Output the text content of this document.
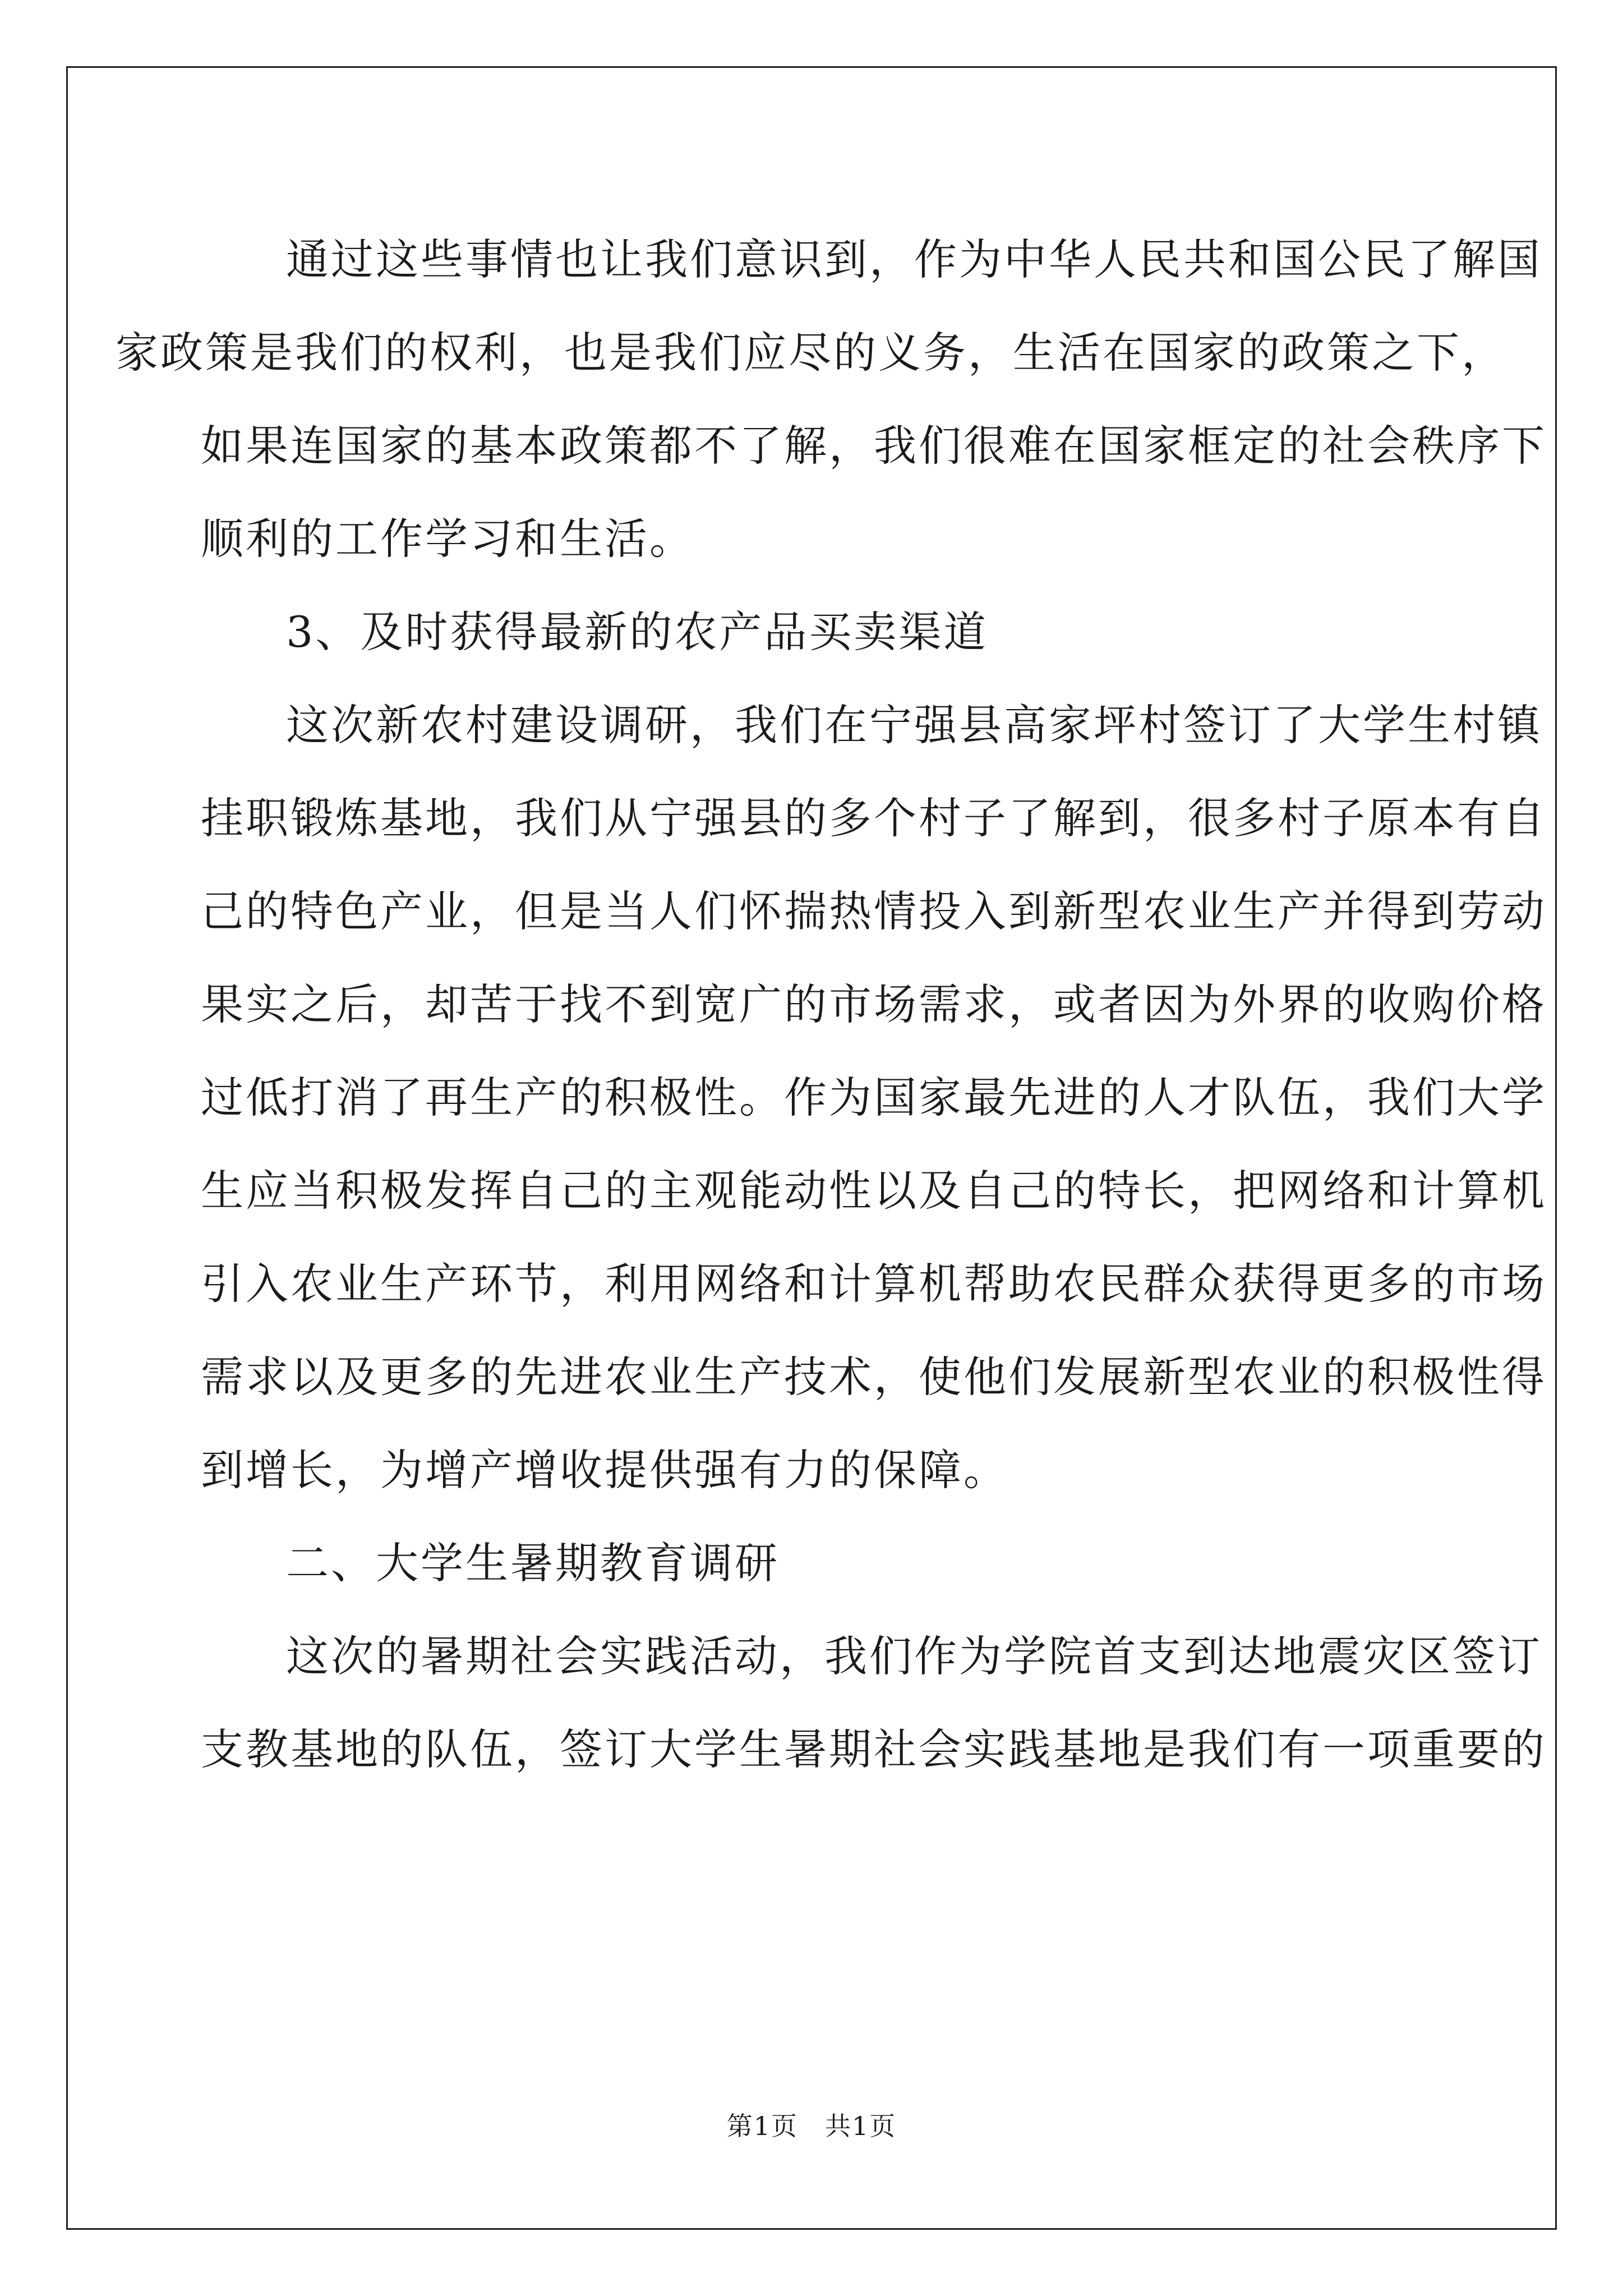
通过这些事情也让我们意识到，作为中华人民共和国公民了解国
家政策是我们的权利，也是我们应尽的义务，生活在国家的政策之下，
如果连国家的基本政策都不了解，我们很难在国家框定的社会秩序下
顺利的工作学习和生活。

3、及时获得最新的农产品买卖渠道

这次新农村建设调研，我们在宁强县高家坪村签订了大学生村镇
挂职锻炼基地，我们从宁强县的多个村子了解到，很多村子原本有自
己的特色产业，但是当人们怀揣热情投入到新型农业生产并得到劳动
果实之后，却苦于找不到宽广的市场需求，或者因为外界的收购价格
过低打消了再生产的积极性。作为国家最先进的人才队伍，我们大学
生应当积极发挥自己的主观能动性以及自己的特长，把网络和计算机
引入农业生产环节，利用网络和计算机帮助农民群众获得更多的市场
需求以及更多的先进农业生产技术，使他们发展新型农业的积极性得
到增长，为增产增收提供强有力的保障。

二、大学生暑期教育调研

这次的暑期社会实践活动，我们作为学院首支到达地震灾区签订
支教基地的队伍，签订大学生暑期社会实践基地是我们有一项重要的

第1页　共1页
